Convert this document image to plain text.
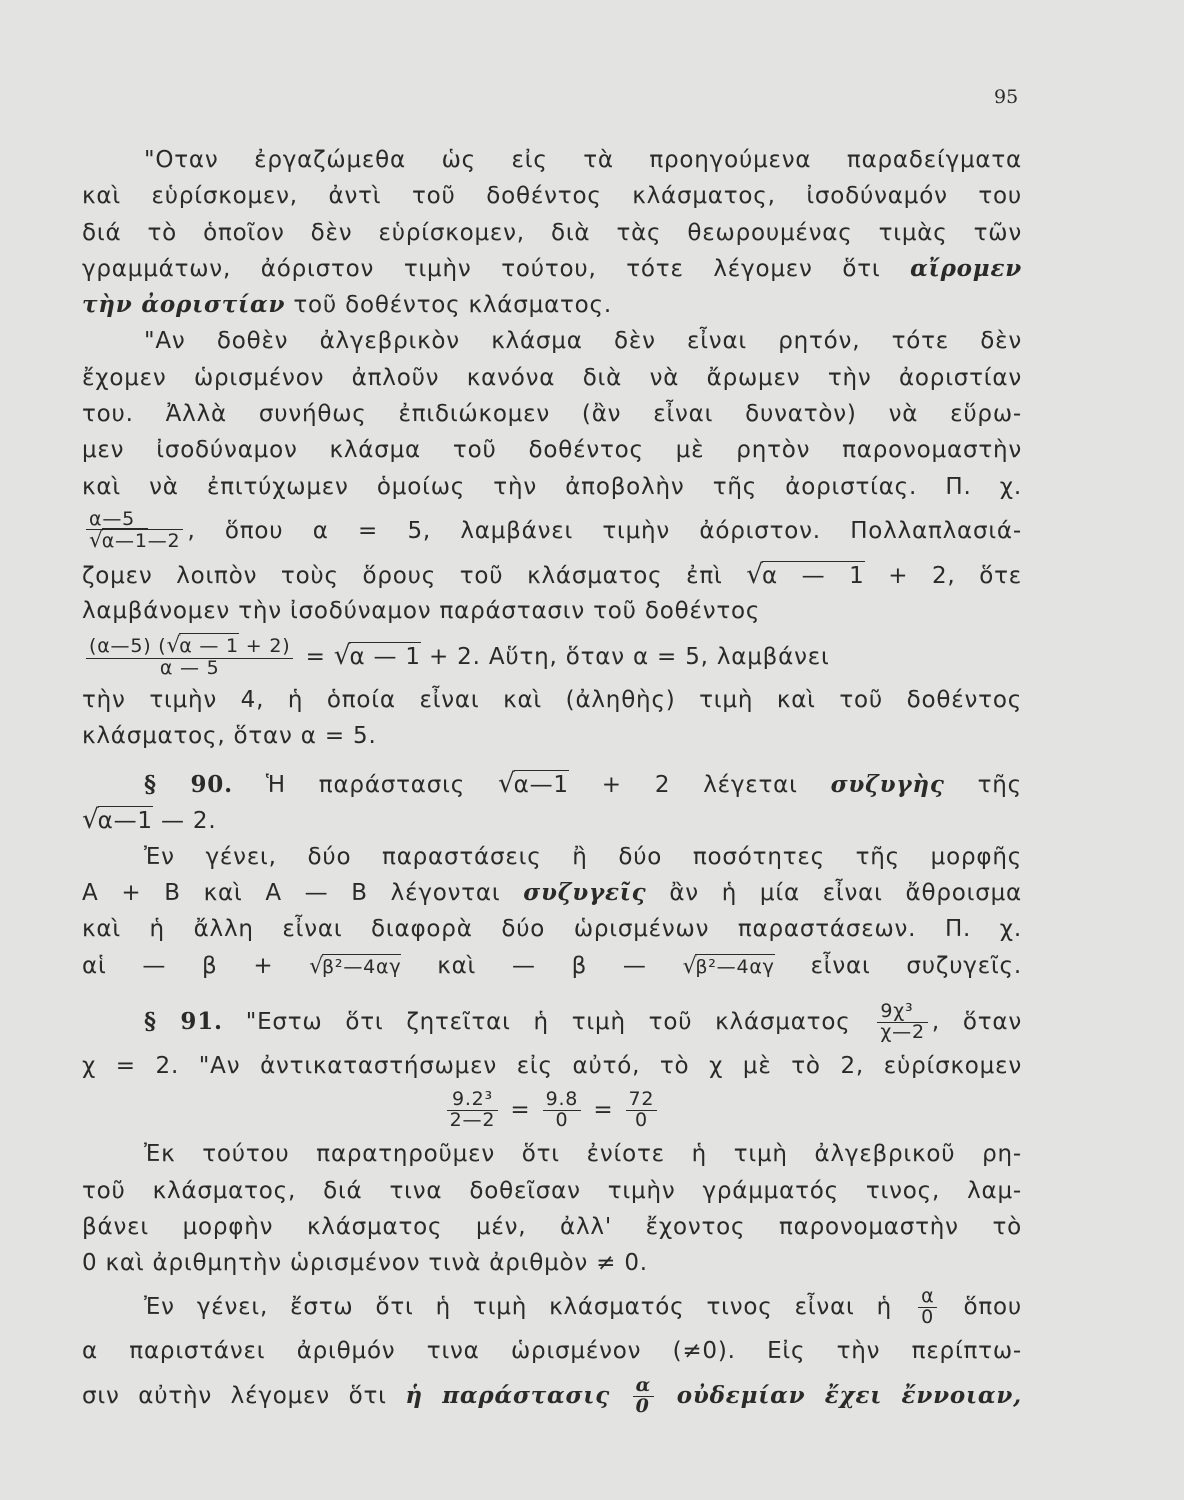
95
"Οταν ἐργαζώμεθα ὡς εἰς τὰ προηγούμενα παραδείγματα
καὶ εὑρίσκομεν, ἀντὶ τοῦ δοθέντος κλάσματος, ἰσοδύναμόν του
διά τὸ ὁποῖον δὲν εὑρίσκομεν, διὰ τὰς θεωρουμένας τιμὰς τῶν
γραμμάτων, ἀόριστον τιμὴν τούτου, τότε λέγομεν ὅτι αἴρομεν
τὴν ἀοριστίαν τοῦ δοθέντος κλάσματος.
"Αν δοθὲν ἀλγεβρικὸν κλάσμα δὲν εἶναι ρητόν, τότε δὲν
ἔχομεν ὡρισμένον ἀπλοῦν κανόνα διὰ νὰ ἄρωμεν τὴν ἀοριστίαν
του. Ἀλλὰ συνήθως ἐπιδιώκομεν (ἂν εἶναι δυνατὸν) νὰ εὕρω-
μεν ἰσοδύναμον κλάσμα τοῦ δοθέντος μὲ ρητὸν παρονομαστὴν
καὶ νὰ ἐπιτύχωμεν ὁμοίως τὴν ἀποβολὴν τῆς ἀοριστίας. Π. χ.
$\frac{\alpha—5}{√\alpha—1—2}$ , ὅπου α = 5, λαμβάνει τιμὴν ἀόριστον. Πολλαπλασιά-
ζομεν λοιπὸν τοὺς ὅρους τοῦ κλάσματος ἐπὶ √α — 1 + 2, ὅτε
λαμβάνομεν τὴν ἰσοδύναμον παράστασιν τοῦ δοθέντος
$\frac{(\alpha—5) (√\alpha — 1 + 2)}{\alpha — 5} = √\alpha$ — 1 + 2. Αὕτη, ὅταν α = 5, λαμβάνει
τὴν τιμὴν 4, ἡ ὁποία εἶναι καὶ (ἀληθὴς) τιμὴ καὶ τοῦ δοθέντος
κλάσματος, ὅταν α = 5.
§ 90. Ἡ παράστασις √α—1 + 2 λέγεται συζυγὴς τῆς
√α—1 — 2.
Ἐν γένει, δύο παραστάσεις ἢ δύο ποσότητες τῆς μορφῆς
Α + Β καὶ Α — Β λέγονται συζυγεῖς ἂν ἡ μία εἶναι ἄθροισμα
καὶ ἡ ἄλλη εἶναι διαφορὰ δύο ὡρισμένων παραστάσεων. Π. χ.
αἱ — β + √β²—4αγ καὶ — β — √β²—4αγ εἶναι συζυγεῖς.
§ 91. "Εστω ὅτι ζητεῖται ἡ τιμὴ τοῦ κλάσματος $\frac{\text{9χ³}}{\chi—2}$ , ὅταν
χ = 2. "Αν ἀντικαταστήσωμεν εἰς αὐτό, τὸ χ μὲ τὸ 2, εὑρίσκομεν
$\frac{\text{9.2³}}{2—2} = \frac{9.8}{0} = \frac{72}{0}$
Ἐκ τούτου παρατηροῦμεν ὅτι ἐνίοτε ἡ τιμὴ ἀλγεβρικοῦ ρη-
τοῦ κλάσματος, διά τινα δοθεῖσαν τιμὴν γράμματός τινος, λαμ-
βάνει μορφὴν κλάσματος μέν, ἀλλ' ἔχοντος παρονομαστὴν τὸ
0 καὶ ἀριθμητὴν ὡρισμένον τινὰ ἀριθμὸν ≠ 0.
Ἐν γένει, ἔστω ὅτι ἡ τιμὴ κλάσματός τινος εἶναι ἡ $\frac{\alpha}{0}$ ὅπου
α παριστάνει ἀριθμόν τινα ὡρισμένον (≠0). Εἰς τὴν περίπτω-
σιν αὐτὴν λέγομεν ὅτι ἡ παράστασις $\frac{\alpha}{0}$ οὐδεμίαν ἔχει ἔννοιαν,
